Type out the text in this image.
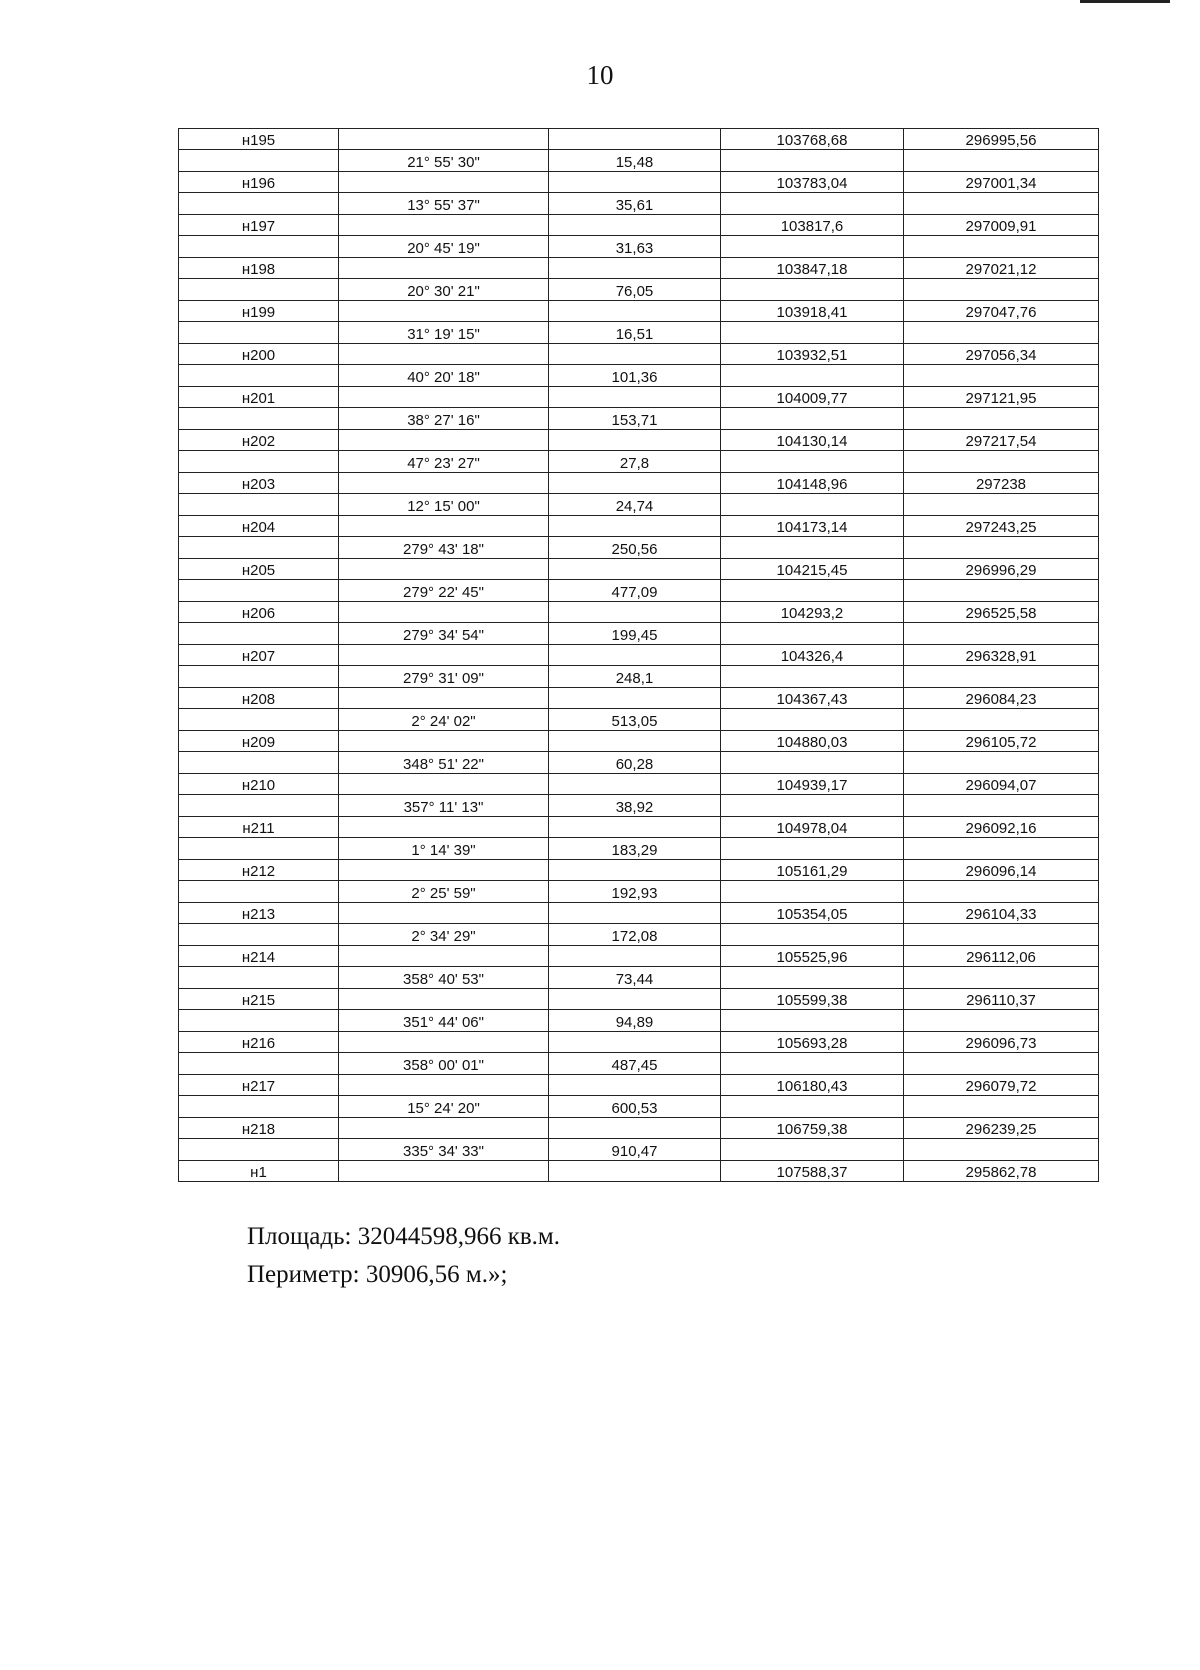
10
н195			103768,68	296995,56
	21° 55' 30"	15,48		
н196			103783,04	297001,34
	13° 55' 37"	35,61		
н197			103817,6	297009,91
	20° 45' 19"	31,63		
н198			103847,18	297021,12
	20° 30' 21"	76,05		
н199			103918,41	297047,76
	31° 19' 15"	16,51		
н200			103932,51	297056,34
	40° 20' 18"	101,36		
н201			104009,77	297121,95
	38° 27' 16"	153,71		
н202			104130,14	297217,54
	47° 23' 27"	27,8		
н203			104148,96	297238
	12° 15' 00"	24,74		
н204			104173,14	297243,25
	279° 43' 18"	250,56		
н205			104215,45	296996,29
	279° 22' 45"	477,09		
н206			104293,2	296525,58
	279° 34' 54"	199,45		
н207			104326,4	296328,91
	279° 31' 09"	248,1		
н208			104367,43	296084,23
	2° 24' 02"	513,05		
н209			104880,03	296105,72
	348° 51' 22"	60,28		
н210			104939,17	296094,07
	357° 11' 13"	38,92		
н211			104978,04	296092,16
	1° 14' 39"	183,29		
н212			105161,29	296096,14
	2° 25' 59"	192,93		
н213			105354,05	296104,33
	2° 34' 29"	172,08		
н214			105525,96	296112,06
	358° 40' 53"	73,44		
н215			105599,38	296110,37
	351° 44' 06"	94,89		
н216			105693,28	296096,73
	358° 00' 01"	487,45		
н217			106180,43	296079,72
	15° 24' 20"	600,53		
н218			106759,38	296239,25
	335° 34' 33"	910,47		
н1			107588,37	295862,78
Площадь: 32044598,966 кв.м.
Периметр: 30906,56 м.»;
